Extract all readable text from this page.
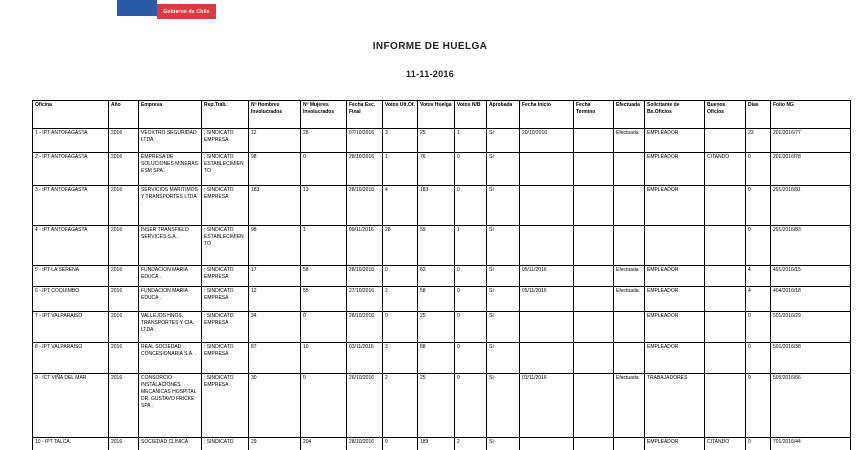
Gobierno de Chile
INFORME DE HUELGA
11-11-2016
Oficina	Año	Empresa	Rep.Trab.	Nº Hombres Involucrados	Nº Mujeres Involucrados	Fecha Esc. Final	Votos Ult.Of.	Votos Huelga	Votos N/B	Aprobada	Fecha Inicio	Fecha Termino	Efectuada	Solicitante de Bs.Oficios	Buenos Oficios	Días	Folio NG
1 - IPT ANTOFAGASTA	2016	VEOXTRO SEGURIDAD LTDA.	; SINDICATO EMPRESA	12	28	07/10/2016	3	25	1	SI	20/10/2016		Efectuada	EMPLEADOR		23	201/2016/77
2 - IPT ANTOFAGASTA	2016	EMPRESA DE SOLUCIONES MINERAS ESM SPA.	; SINDICATO ESTABLECIMIENTO	98	0	28/10/2016	1	76	0	SI				EMPLEADOR	CITANDO	0	201/2016/78
3 - IPT ANTOFAGASTA	2016	SERVICIOS MARITIMOS Y TRANSPORTES LTDA .	; SINDICATO EMPRESA	183	13	28/10/2016	4	183	0	SI				EMPLEADOR		0	201/2016/81
4 - IPT ANTOFAGASTA	2016	INSER TRANSFIELD SERVICES S.A. .	; SINDICATO ESTABLECIMIENTO	98	1	09/11/2016	28	59	1	SI						0	201/2016/83
5 - IPT LA SERENA	2016	FUNDACION MARIA EDUCA .	; SINDICATO EMPRESA	17	58	28/10/2016	0	82	0	SI	05/11/2016		Efectuada	EMPLEADOR		4	401/2016/15
6 - IPT COQUIMBO	2016	FUNDACION MARIA EDUCA .	; SINDICATO EMPRESA	12	55	27/10/2016	2	58	0	SI	05/11/2016		Efectuada	EMPLEADOR		4	404/2016/18
7 - IPT VALPARAISO	2016	VALLEJOS HNOS. TRANSPORTES Y CIA. LTDA .	; SINDICATO EMPRESA	34	0	28/10/2016	0	25	0	SI				EMPLEADOR		0	501/2016/29
8 - IPT VALPARAISO	2016	REAL SOCIEDAD CONCESIONARIA S.A. .	; SINDICATO EMPRESA	87	10	03/11/2016	3	88	0	SI				EMPLEADOR		0	501/2016/38
9 - ICT VIÑA DEL MAR	2016	CONSORCIO INSTALACIONES MECANICAS HOSPITAL DR. GUSTAVO FRICKE SPA .	; SINDICATO EMPRESA	30	0	26/10/2016	2	25	0	SI	03/11/2016		Efectuada	TRABAJADORES		9	505/2016/66
10 - IPT TALCA	2016	SOCIEDAD CLINICA	; SINDICATO	29	204	28/10/2016	9	189	2	SI				EMPLEADOR	CITANDO	0	701/2016/44
